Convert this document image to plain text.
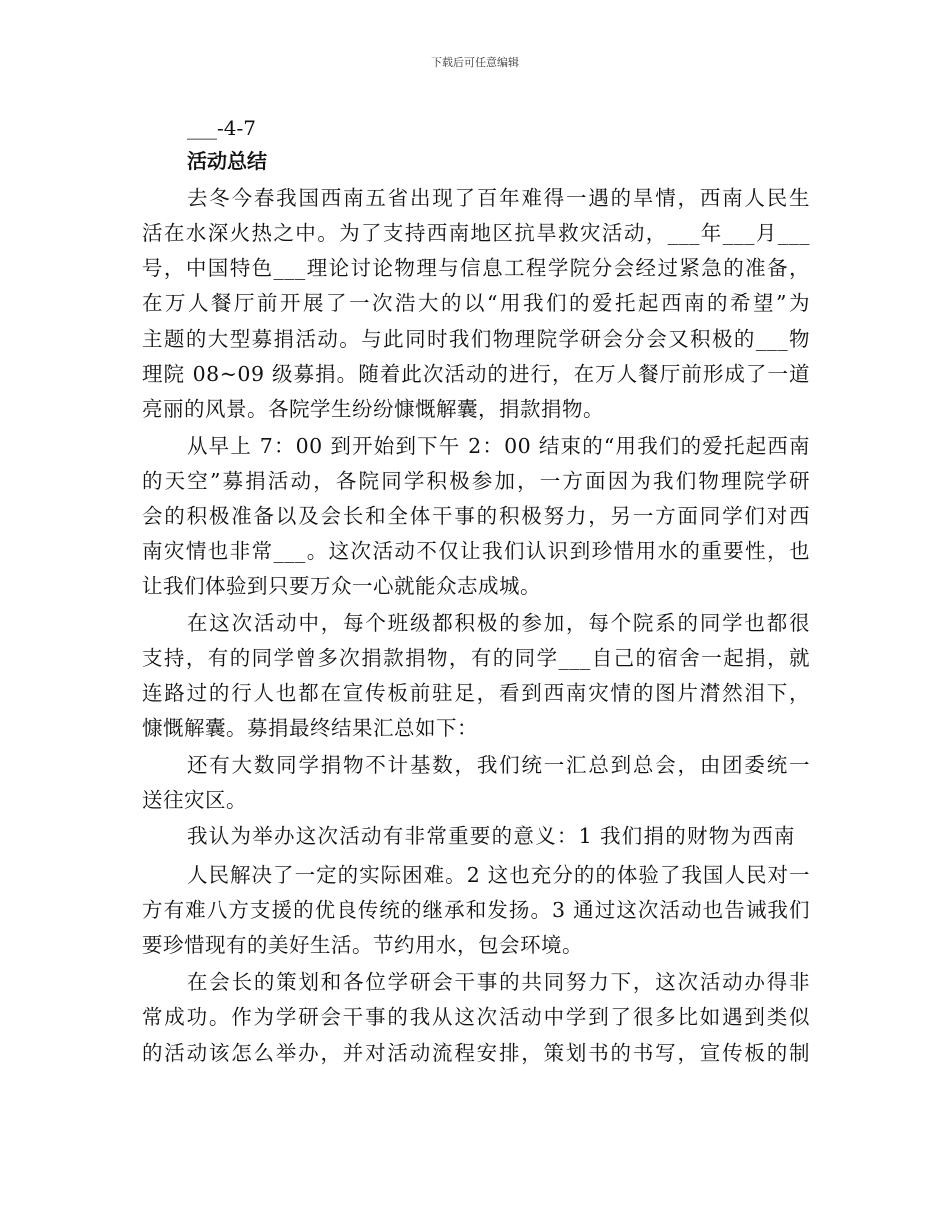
下载后可任意编辑
___-4-7
活动总结
去冬今春我国西南五省出现了百年难得一遇的旱情，西南人民生
活在水深火热之中。为了支持西南地区抗旱救灾活动，___年___月___
号，中国特色___理论讨论物理与信息工程学院分会经过紧急的准备，
在万人餐厅前开展了一次浩大的以“用我们的爱托起西南的希望”为
主题的大型募捐活动。与此同时我们物理院学研会分会又积极的___物
理院 08~09 级募捐。随着此次活动的进行，在万人餐厅前形成了一道
亮丽的风景。各院学生纷纷慷慨解囊，捐款捐物。
从早上 7：00 到开始到下午 2：00 结束的“用我们的爱托起西南
的天空”募捐活动，各院同学积极参加，一方面因为我们物理院学研
会的积极准备以及会长和全体干事的积极努力，另一方面同学们对西
南灾情也非常___。这次活动不仅让我们认识到珍惜用水的重要性，也
让我们体验到只要万众一心就能众志成城。
在这次活动中，每个班级都积极的参加，每个院系的同学也都很
支持，有的同学曾多次捐款捐物，有的同学___自己的宿舍一起捐，就
连路过的行人也都在宣传板前驻足，看到西南灾情的图片潸然泪下，
慷慨解囊。募捐最终结果汇总如下：
还有大数同学捐物不计基数，我们统一汇总到总会，由团委统一
送往灾区。
我认为举办这次活动有非常重要的意义：1 我们捐的财物为西南
人民解决了一定的实际困难。2 这也充分的的体验了我国人民对一
方有难八方支援的优良传统的继承和发扬。3 通过这次活动也告诫我们
要珍惜现有的美好生活。节约用水，包会环境。
在会长的策划和各位学研会干事的共同努力下，这次活动办得非
常成功。作为学研会干事的我从这次活动中学到了很多比如遇到类似
的活动该怎么举办，并对活动流程安排，策划书的书写，宣传板的制
